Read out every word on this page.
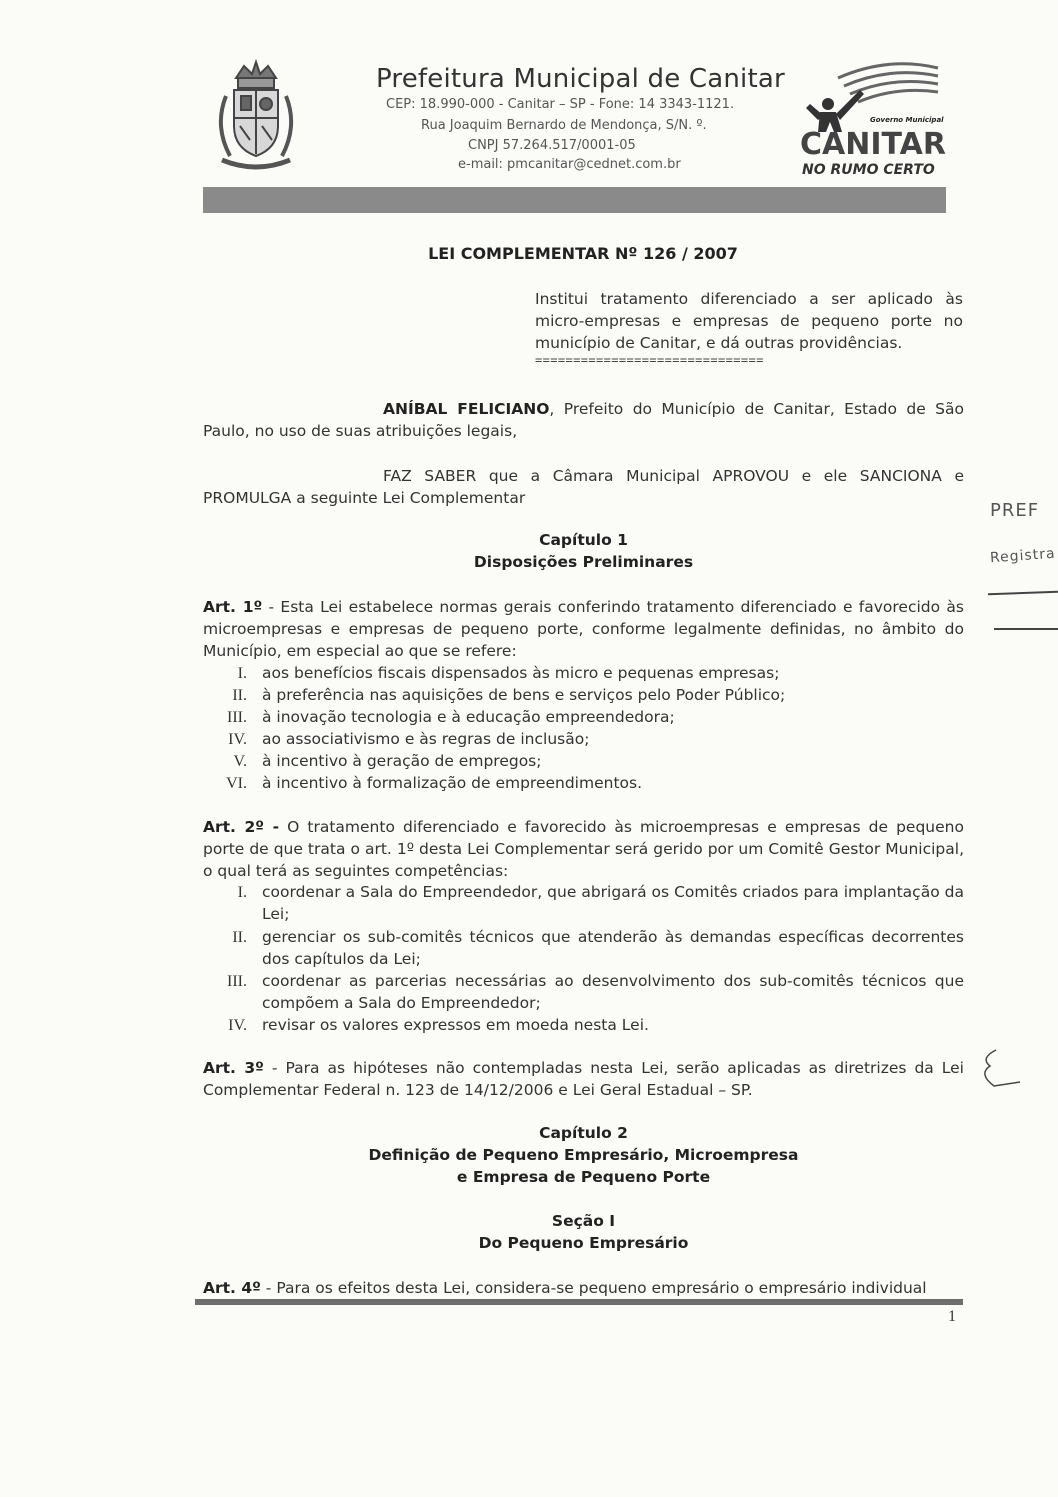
Prefeitura Municipal de Canitar
CEP: 18.990-000 - Canitar – SP - Fone: 14 3343-1121.
Rua Joaquim Bernardo de Mendonça, S/N. º.
CNPJ 57.264.517/0001-05
e-mail: pmcanitar@cednet.com.br
Governo Municipal
CANITAR
NO RUMO CERTO
LEI COMPLEMENTAR Nº 126 / 2007
Institui tratamento diferenciado a ser aplicado às micro-empresas e empresas de pequeno porte no município de Canitar, e dá outras providências.
==============================
ANÍBAL FELICIANO, Prefeito do Município de Canitar, Estado de São Paulo, no uso de suas atribuições legais,
FAZ SABER que a Câmara Municipal APROVOU e ele SANCIONA e PROMULGA a seguinte Lei Complementar
Capítulo 1
Disposições Preliminares
Art. 1º - Esta Lei estabelece normas gerais conferindo tratamento diferenciado e favorecido às microempresas e empresas de pequeno porte, conforme legalmente definidas, no âmbito do Município, em especial ao que se refere:
I. aos benefícios fiscais dispensados às micro e pequenas empresas;
II. à preferência nas aquisições de bens e serviços pelo Poder Público;
III. à inovação tecnologia e à educação empreendedora;
IV. ao associativismo e às regras de inclusão;
V. à incentivo à geração de empregos;
VI. à incentivo à formalização de empreendimentos.
Art. 2º - O tratamento diferenciado e favorecido às microempresas e empresas de pequeno porte de que trata o art. 1º desta Lei Complementar será gerido por um Comitê Gestor Municipal, o qual terá as seguintes competências:
I. coordenar a Sala do Empreendedor, que abrigará os Comitês criados para implantação da Lei;
II. gerenciar os sub-comitês técnicos que atenderão às demandas específicas decorrentes dos capítulos da Lei;
III. coordenar as parcerias necessárias ao desenvolvimento dos sub-comitês técnicos que compõem a Sala do Empreendedor;
IV. revisar os valores expressos em moeda nesta Lei.
Art. 3º - Para as hipóteses não contempladas nesta Lei, serão aplicadas as diretrizes da Lei Complementar Federal n. 123 de 14/12/2006 e Lei Geral Estadual – SP.
Capítulo 2
Definição de Pequeno Empresário, Microempresa
e Empresa de Pequeno Porte
Seção I
Do Pequeno Empresário
Art. 4º - Para os efeitos desta Lei, considera-se pequeno empresário o empresário individual
1
PREF
Registra
